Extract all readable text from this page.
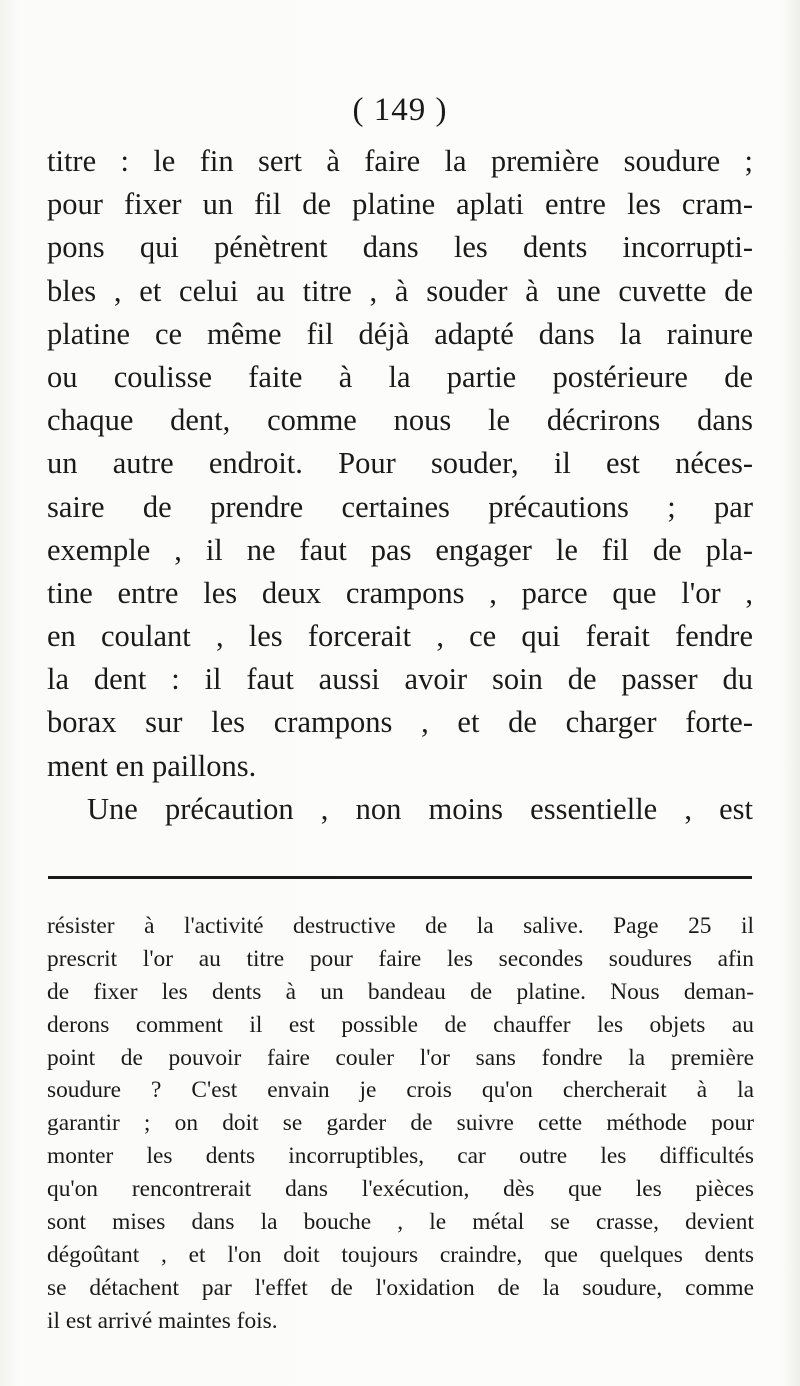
( 149 )
titre : le fin sert à faire la première soudure ;
pour fixer un fil de platine aplati entre les cram-
pons qui pénètrent dans les dents incorrupti-
bles , et celui au titre , à souder à une cuvette de
platine ce même fil déjà adapté dans la rainure
ou coulisse faite à la partie postérieure de
chaque dent, comme nous le décrirons dans
un autre endroit. Pour souder, il est néces-
saire de prendre certaines précautions ; par
exemple , il ne faut pas engager le fil de pla-
tine entre les deux crampons , parce que l'or ,
en coulant , les forcerait , ce qui ferait fendre
la dent : il faut aussi avoir soin de passer du
borax sur les crampons , et de charger forte-
ment en paillons.
Une précaution , non moins essentielle , est
résister à l'activité destructive de la salive. Page 25 il
prescrit l'or au titre pour faire les secondes soudures afin
de fixer les dents à un bandeau de platine. Nous deman-
derons comment il est possible de chauffer les objets au
point de pouvoir faire couler l'or sans fondre la première
soudure ? C'est envain je crois qu'on chercherait à la
garantir ; on doit se garder de suivre cette méthode pour
monter les dents incorruptibles, car outre les difficultés
qu'on rencontrerait dans l'exécution, dès que les pièces
sont mises dans la bouche , le métal se crasse, devient
dégoûtant , et l'on doit toujours craindre, que quelques dents
se détachent par l'effet de l'oxidation de la soudure, comme
il est arrivé maintes fois.
